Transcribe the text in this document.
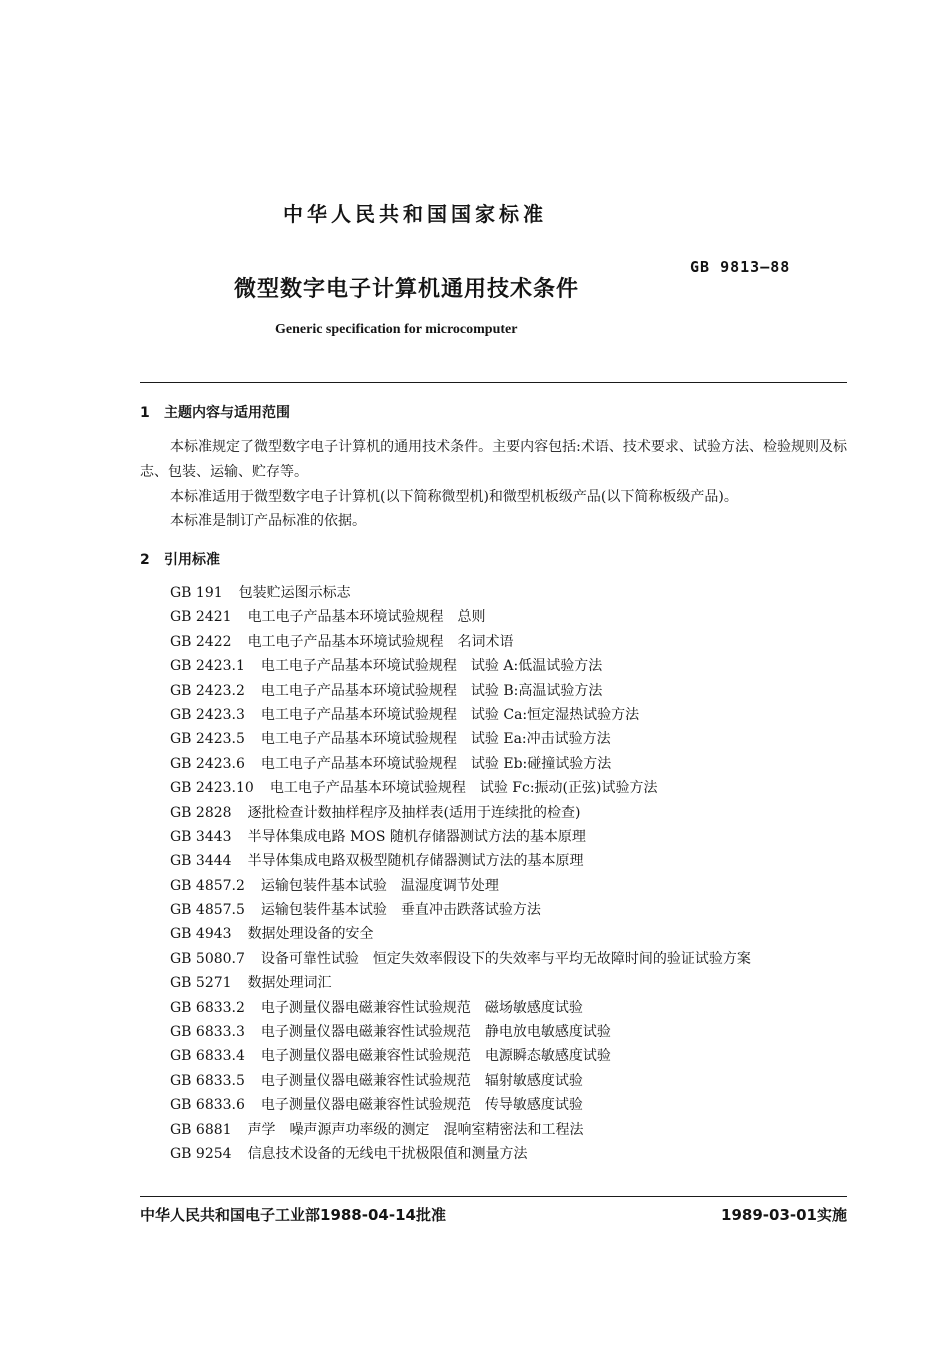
中华人民共和国国家标准
GB 9813—88
微型数字电子计算机通用技术条件
Generic specification for microcomputer
1 主题内容与适用范围
本标准规定了微型数字电子计算机的通用技术条件。主要内容包括:术语、技术要求、试验方法、检验规则及标志、包装、运输、贮存等。
本标准适用于微型数字电子计算机(以下简称微型机)和微型机板级产品(以下简称板级产品)。
本标准是制订产品标准的依据。
2 引用标准
GB 191 包装贮运图示标志
GB 2421 电工电子产品基本环境试验规程　总则
GB 2422 电工电子产品基本环境试验规程　名词术语
GB 2423.1 电工电子产品基本环境试验规程　试验 A:低温试验方法
GB 2423.2 电工电子产品基本环境试验规程　试验 B:高温试验方法
GB 2423.3 电工电子产品基本环境试验规程　试验 Ca:恒定湿热试验方法
GB 2423.5 电工电子产品基本环境试验规程　试验 Ea:冲击试验方法
GB 2423.6 电工电子产品基本环境试验规程　试验 Eb:碰撞试验方法
GB 2423.10 电工电子产品基本环境试验规程　试验 Fc:振动(正弦)试验方法
GB 2828 逐批检查计数抽样程序及抽样表(适用于连续批的检查)
GB 3443 半导体集成电路 MOS 随机存储器测试方法的基本原理
GB 3444 半导体集成电路双极型随机存储器测试方法的基本原理
GB 4857.2 运输包装件基本试验　温湿度调节处理
GB 4857.5 运输包装件基本试验　垂直冲击跌落试验方法
GB 4943 数据处理设备的安全
GB 5080.7 设备可靠性试验　恒定失效率假设下的失效率与平均无故障时间的验证试验方案
GB 5271 数据处理词汇
GB 6833.2 电子测量仪器电磁兼容性试验规范　磁场敏感度试验
GB 6833.3 电子测量仪器电磁兼容性试验规范　静电放电敏感度试验
GB 6833.4 电子测量仪器电磁兼容性试验规范　电源瞬态敏感度试验
GB 6833.5 电子测量仪器电磁兼容性试验规范　辐射敏感度试验
GB 6833.6 电子测量仪器电磁兼容性试验规范　传导敏感度试验
GB 6881 声学　噪声源声功率级的测定　混响室精密法和工程法
GB 9254 信息技术设备的无线电干扰极限值和测量方法
中华人民共和国电子工业部1988-04-14批准	1989-03-01实施
